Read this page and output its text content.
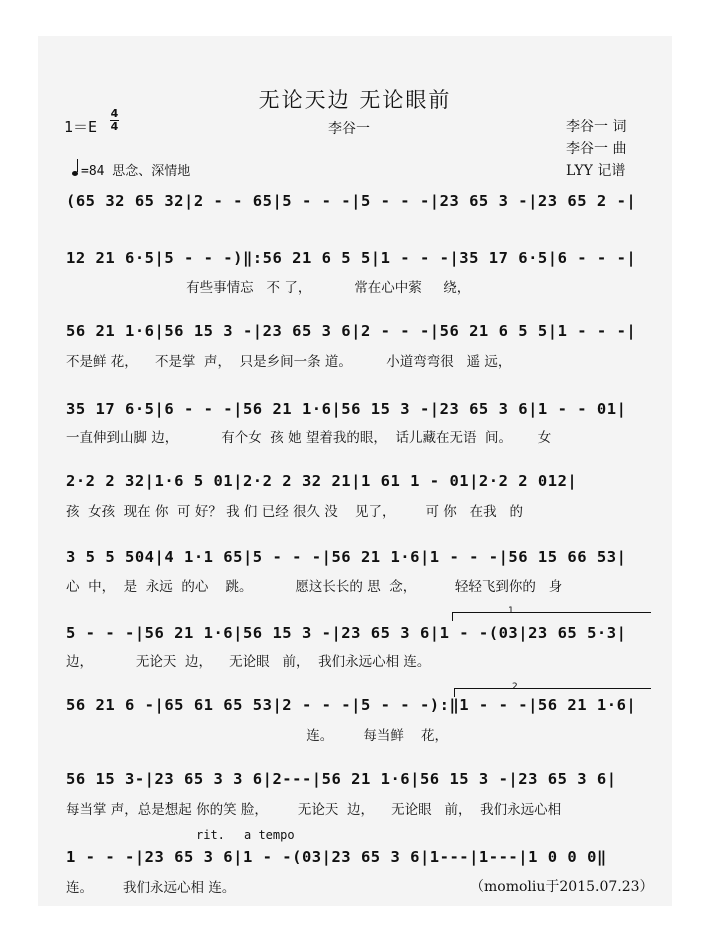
无论天边 无论眼前
李谷一	李谷一 词
李谷一 曲
LYY 记谱
1＝E
4
4
=84 思念、深情地
(65 32 65 32|2 - - 65|5 - - -|5 - - -|23 65 3 -|23 65 2 -|
12 21 6·5|5 - - -)‖:56 21 6 5 5|1 - - -|35 17 6·5|6 - - -|
有些事情忘   不 了，          常在心中萦     绕，
56 21 1·6|56 15 3 -|23 65 3 6|2 - - -|56 21 6 5 5|1 - - -|
不是鲜 花，    不是掌  声，  只是乡间一条 道。        小道弯弯很   遥 远，
35 17 6·5|6 - - -|56 21 1·6|56 15 3 -|23 65 3 6|1 - - 01|
一直伸到山脚 边，          有个女  孩 她 望着我的眼，  话儿藏在无语  间。      女
2·2 2 32|1·6 5 01|2·2 2 32 21|1 61 1 - 01|2·2 2 012|
孩  女孩  现在 你  可 好？ 我 们 已经 很久 没    见了，       可 你   在我   的
3 5 5 504|4 1·1 65|5 - - -|56 21 1·6|1 - - -|56 15 66 53|
心  中，  是  永远  的心    跳。          愿这长长的 思  念，         轻轻飞到你的   身
1
5 - - -|56 21 1·6|56 15 3 -|23 65 3 6|1 - -(03|23 65 5·3|
边，          无论天  边，    无论眼   前，  我们永远心相 连。
2
56 21 6 -|65 61 65 53|2 - - -|5 - - -):‖1 - - -|56 21 1·6|
连。       每当鲜    花，
56 15 3-|23 65 3 3 6|2---|56 21 1·6|56 15 3 -|23 65 3 6|
每当掌 声，总是想起 你的笑 脸，       无论天  边，    无论眼   前，  我们永远心相
rit. a tempo
1 - - -|23 65 3 6|1 - -(03|23 65 3 6|1---|1---|1 0 0 0‖
连。       我们永远心相 连。	（momoliu于2015.07.23）
